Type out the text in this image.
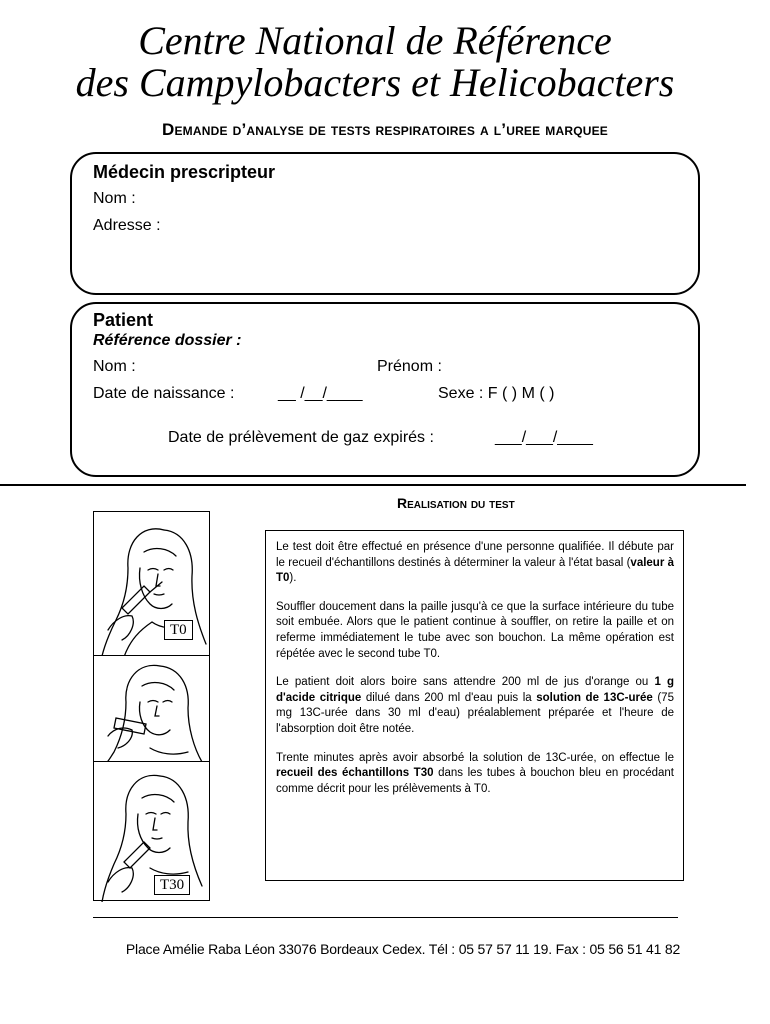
Centre National de Référence
des Campylobacters et Helicobacters
Demande d’analyse de tests respiratoires a l’uree marquee
Médecin prescripteur
Nom :
Adresse :
Patient
Référence dossier :
Nom :	Prénom :
Date de naissance :	__ /__/____	Sexe : F ( ) M ( )
Date de prélèvement de gaz expirés :	___/___/____
Realisation du test
T0
T30

Le test doit être effectué en présence d'une personne qualifiée. Il débute par le recueil d'échantillons destinés à déterminer la valeur à l'état basal (valeur à T0).

Souffler doucement dans la paille jusqu'à ce que la surface intérieure du tube soit embuée. Alors que le patient continue à souffler, on retire la paille et on referme immédiatement le tube avec son bouchon. La même opération est répétée avec le second tube T0.

Le patient doit alors boire sans attendre 200 ml de jus d'orange ou 1 g d'acide citrique dilué dans 200 ml d'eau puis la solution de 13C-urée (75 mg 13C-urée dans 30 ml d'eau) préalablement préparée et l'heure de l'absorption doit être notée.

Trente minutes après avoir absorbé la solution de 13C-urée, on effectue le recueil des échantillons T30 dans les tubes à bouchon bleu en procédant comme décrit pour les prélèvements à T0.

Place Amélie Raba Léon 33076 Bordeaux Cedex. Tél : 05 57 57 11 19. Fax : 05 56 51 41 82
